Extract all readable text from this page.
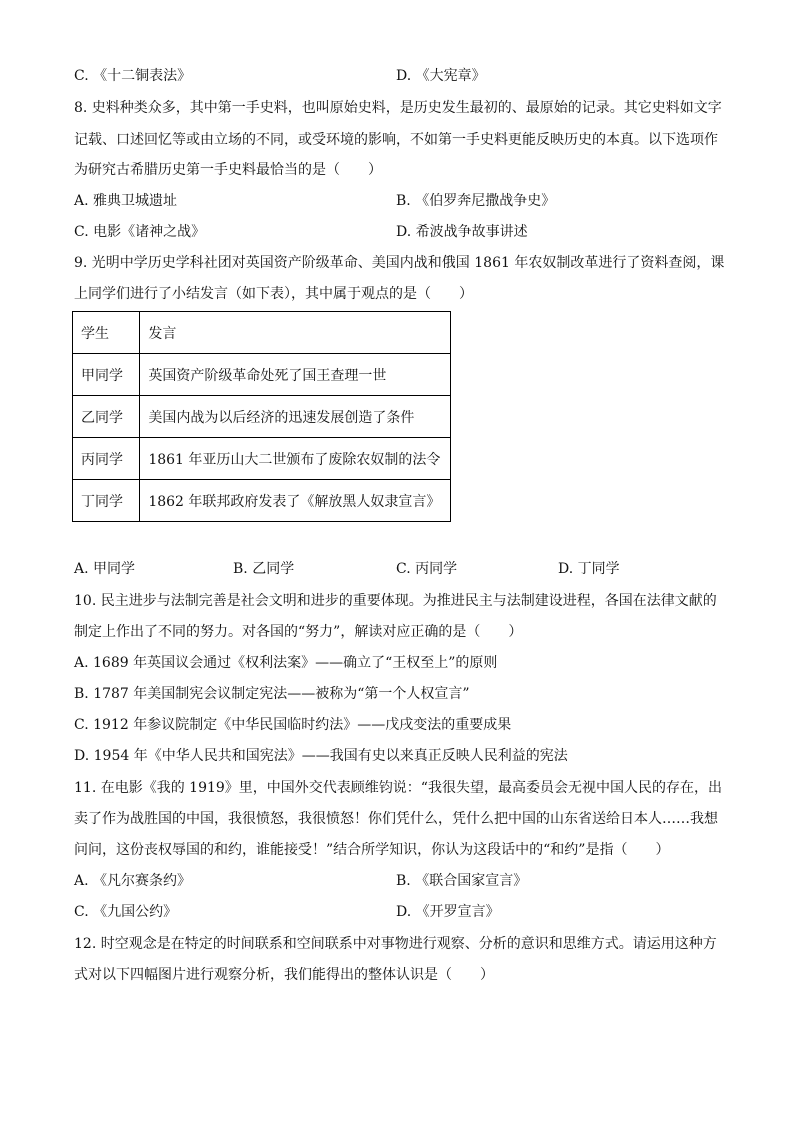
C. 《十二铜表法》	D. 《大宪章》
8. 史料种类众多，其中第一手史料，也叫原始史料，是历史发生最初的、最原始的记录。其它史料如文字
记载、口述回忆等或由立场的不同，或受环境的影响，不如第一手史料更能反映历史的本真。以下选项作
为研究古希腊历史第一手史料最恰当的是（　　）
A. 雅典卫城遗址	B. 《伯罗奔尼撒战争史》
C. 电影《诸神之战》	D. 希波战争故事讲述
9. 光明中学历史学科社团对英国资产阶级革命、美国内战和俄国 1861 年农奴制改革进行了资料查阅，课
上同学们进行了小结发言（如下表），其中属于观点的是（　　）
学生	发言
甲同学	英国资产阶级革命处死了国王查理一世
乙同学	美国内战为以后经济的迅速发展创造了条件
丙同学	1861 年亚历山大二世颁布了废除农奴制的法令
丁同学	1862 年联邦政府发表了《解放黑人奴隶宣言》
A. 甲同学	B. 乙同学	C. 丙同学	D. 丁同学
10. 民主进步与法制完善是社会文明和进步的重要体现。为推进民主与法制建设进程，各国在法律文献的
制定上作出了不同的努力。对各国的“努力”，解读对应正确的是（　　）
A. 1689 年英国议会通过《权利法案》——确立了“王权至上”的原则
B. 1787 年美国制宪会议制定宪法——被称为“第一个人权宣言”
C. 1912 年参议院制定《中华民国临时约法》——戊戌变法的重要成果
D. 1954 年《中华人民共和国宪法》——我国有史以来真正反映人民利益的宪法
11. 在电影《我的 1919》里，中国外交代表顾维钧说：“我很失望，最高委员会无视中国人民的存在，出
卖了作为战胜国的中国，我很愤怒，我很愤怒！你们凭什么，凭什么把中国的山东省送给日本人……我想
问问，这份丧权辱国的和约，谁能接受！”结合所学知识，你认为这段话中的“和约”是指（　　）
A. 《凡尔赛条约》	B. 《联合国家宣言》
C. 《九国公约》	D. 《开罗宣言》
12. 时空观念是在特定的时间联系和空间联系中对事物进行观察、分析的意识和思维方式。请运用这种方
式对以下四幅图片进行观察分析，我们能得出的整体认识是（　　）
